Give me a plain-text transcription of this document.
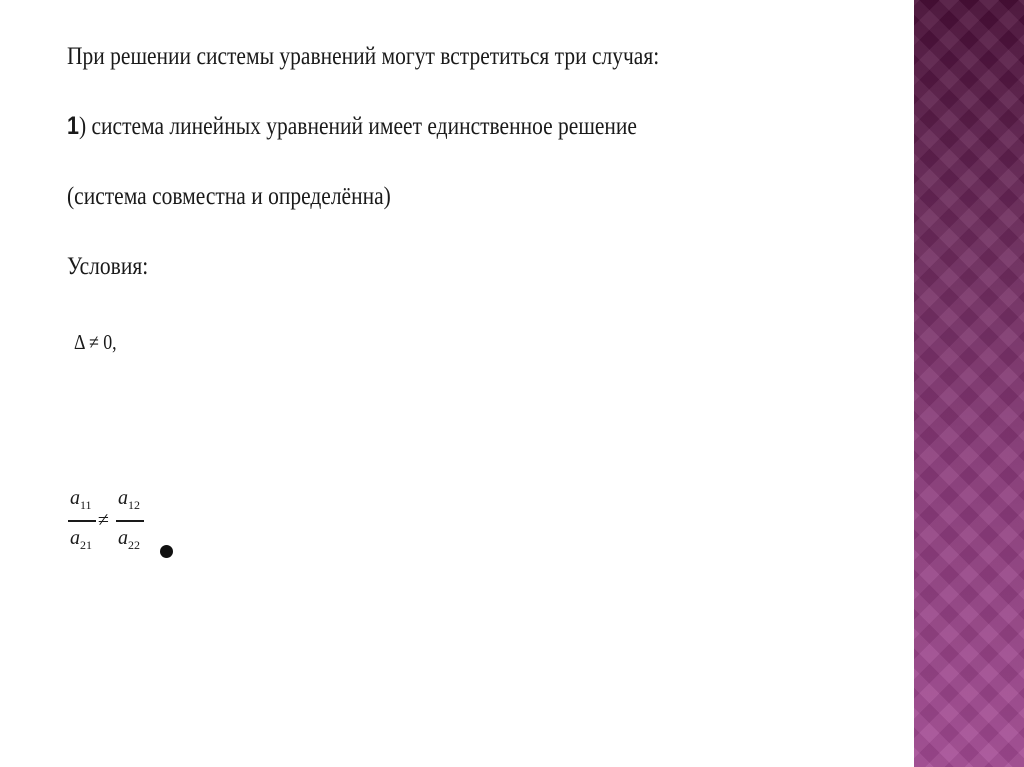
При решении системы уравнений могут встретиться три случая:
1) система линейных уравнений имеет единственное решение
(система совместна и определённа)
Условия:
Δ ≠ 0,
$a_{11}$
$a_{21}$
≠
$a_{12}$
$a_{22}$
